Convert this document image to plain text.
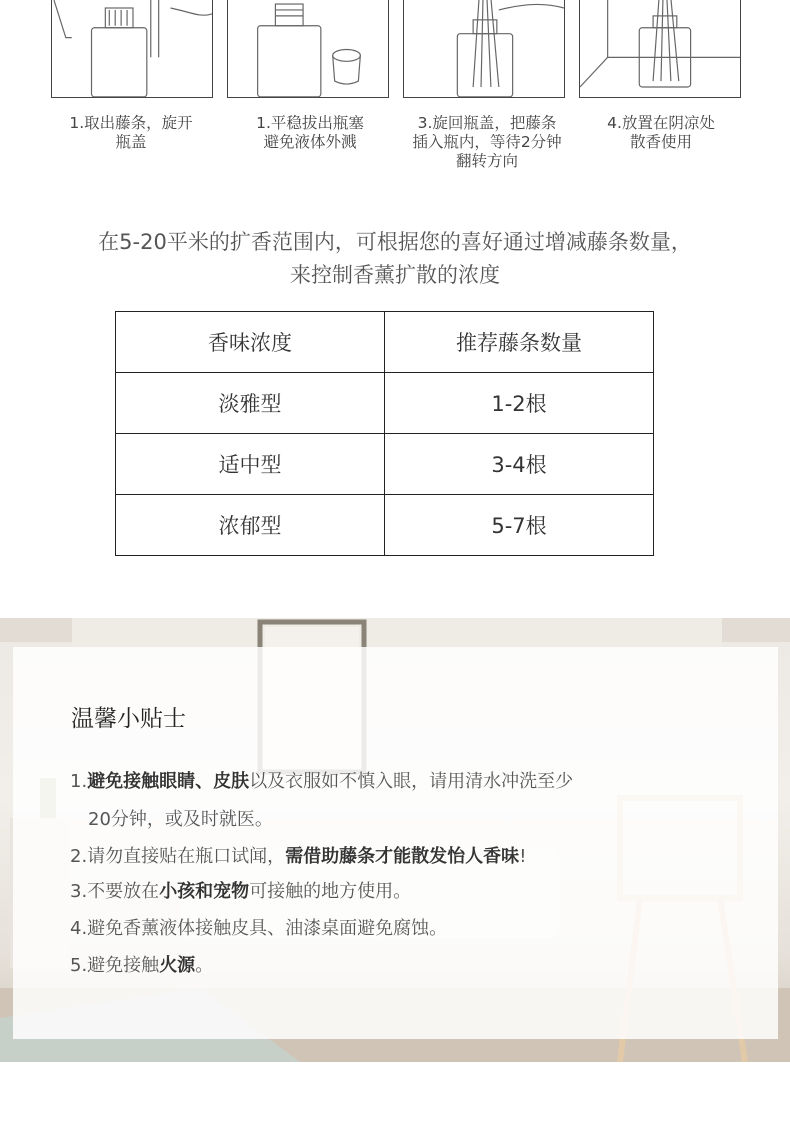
1.取出藤条，旋开
瓶盖
1.平稳拔出瓶塞
避免液体外溅
3.旋回瓶盖，把藤条
插入瓶内，等待2分钟
翻转方向
4.放置在阴凉处
散香使用
在5-20平米的扩香范围内，可根据您的喜好通过增减藤条数量，
来控制香薰扩散的浓度
香味浓度	推荐藤条数量
淡雅型	1-2根
适中型	3-4根
浓郁型	5-7根
温馨小贴士
1.避免接触眼睛、皮肤以及衣服如不慎入眼，请用清水冲洗至少
20分钟，或及时就医。
2.请勿直接贴在瓶口试闻，需借助藤条才能散发怡人香味!
3.不要放在小孩和宠物可接触的地方使用。
4.避免香薰液体接触皮具、油漆桌面避免腐蚀。
5.避免接触火源。
